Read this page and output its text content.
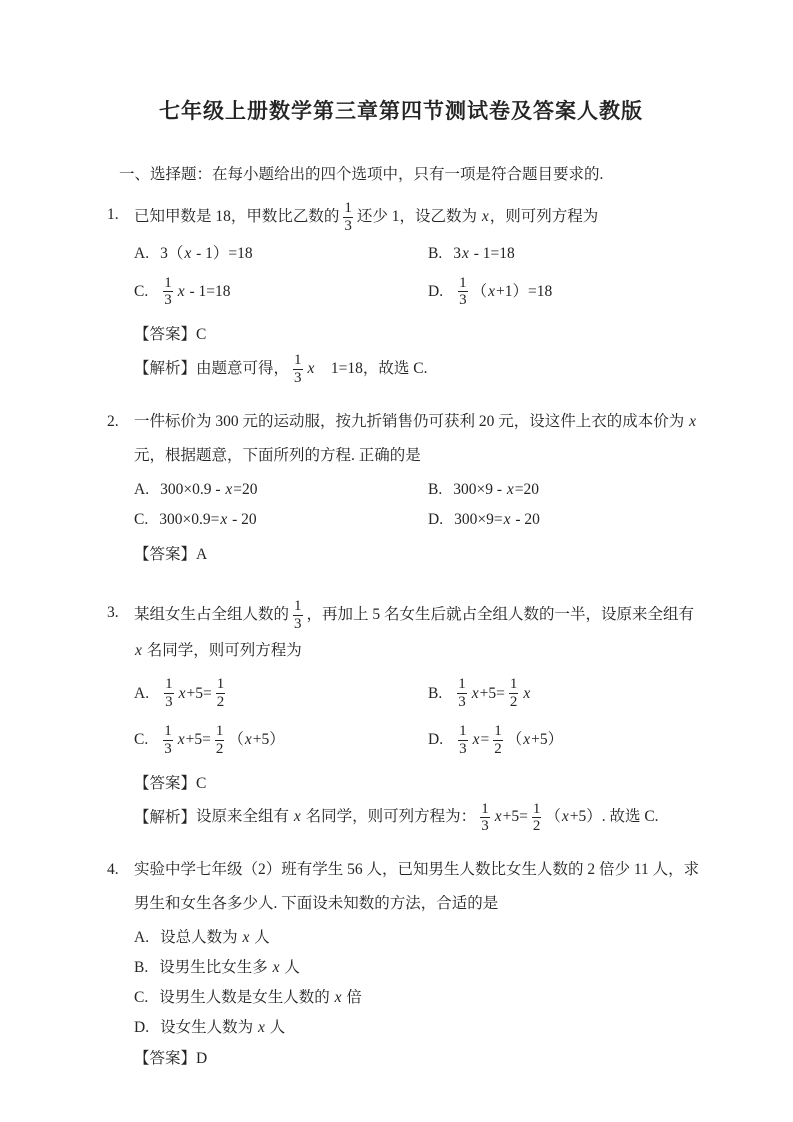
七年级上册数学第三章第四节测试卷及答案人教版
一、选择题：在每小题给出的四个选项中，只有一项是符合题目要求的.
1. 已知甲数是 18，甲数比乙数的 $\frac{1}{3}$ 还少 1，设乙数为 x，则可列方程为
A. 3（ x - 1）=18	B. 3 x - 1=18
C. $\frac{1}{3}$ x - 1=18	D. $\frac{1}{3}$ （ x +1）=18
【答案】C
【解析】由题意可得， $\frac{1}{3}$ x　1=18，故选 C.
2. 一件标价为 300 元的运动服，按九折销售仍可获利 20 元，设这件上衣的成本价为 x 元，根据题意，下面所列的方程. 正确的是
A. 300×0.9 - x =20	B. 300×9 - x =20
C. 300×0.9= x - 20	D. 300×9= x - 20
【答案】A
3. 某组女生占全组人数的 $\frac{1}{3}$ ，再加上 5 名女生后就占全组人数的一半，设原来全组有 x 名同学，则可列方程为
A. $\frac{1}{3}$ $x +5= \frac{1}{2}$	B. $\frac{1}{3}$ $x +5= \frac{1}{2}$ x
C. $\frac{1}{3}$ $x +5= \frac{1}{2}$ （ x +5）	D. $\frac{1}{3}$ $x = \frac{1}{2}$ （ x +5）
【答案】C
【解析】设原来全组有 x 名同学，则可列方程为： $\frac{1}{3} x+5= \frac{1}{2} (x+5)$. 故选 C.
4. 实验中学七年级（2）班有学生 56 人，已知男生人数比女生人数的 2 倍少 11 人，求男生和女生各多少人. 下面设未知数的方法，合适的是
A. 设总人数为 x 人
B. 设男生比女生多 x 人
C. 设男生人数是女生人数的 x 倍
D. 设女生人数为 x 人
【答案】D
